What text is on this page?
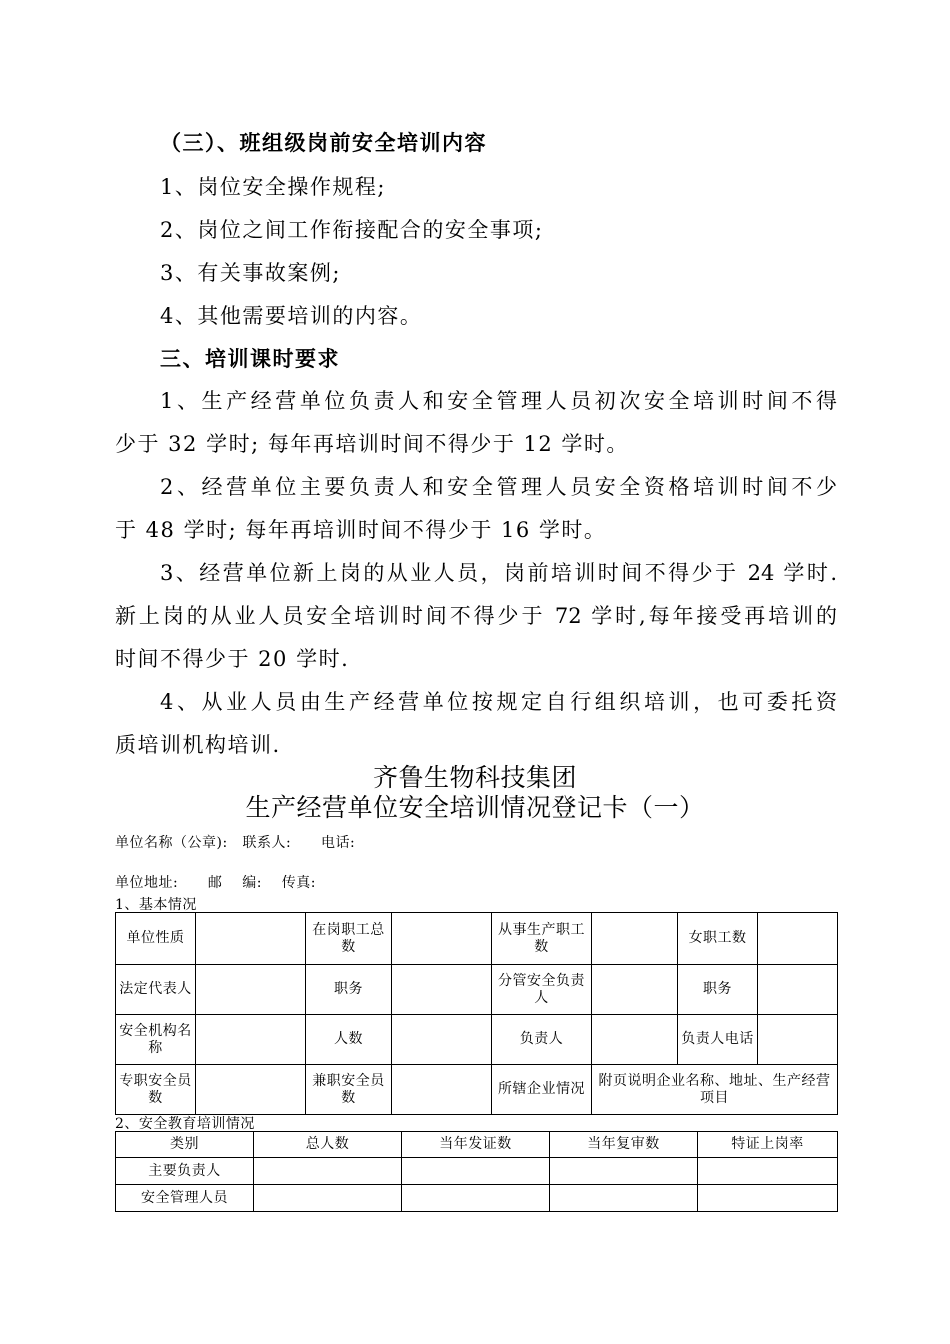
（三）、班组级岗前安全培训内容
1、岗位安全操作规程;
2、岗位之间工作衔接配合的安全事项;
3、有关事故案例;
4、其他需要培训的内容。
三、培训课时要求
1、生产经营单位负责人和安全管理人员初次安全培训时间不得
少于 32 学时; 每年再培训时间不得少于 12 学时。
2、经营单位主要负责人和安全管理人员安全资格培训时间不少
于 48 学时; 每年再培训时间不得少于 16 学时。
3、经营单位新上岗的从业人员，岗前培训时间不得少于 24 学时.
新上岗的从业人员安全培训时间不得少于 72 学时,每年接受再培训的
时间不得少于 20 学时.
4、从业人员由生产经营单位按规定自行组织培训，也可委托资
质培训机构培训.
齐鲁生物科技集团
生产经营单位安全培训情况登记卡（一）
单位名称（公章):   联系人:      电话:
单位地址:      邮    编:    传真:
1、基本情况
单位性质		在岗职工总数		从事生产职工数		女职工数	
法定代表人		职务		分管安全负责人		职务	
安全机构名称		人数		负责人		负责人电话	
专职安全员数		兼职安全员数		所辖企业情况	附页说明企业名称、地址、生产经营项目		
2、安全教育培训情况
类别	总人数	当年发证数	当年复审数	特证上岗率
主要负责人				
安全管理人员				
